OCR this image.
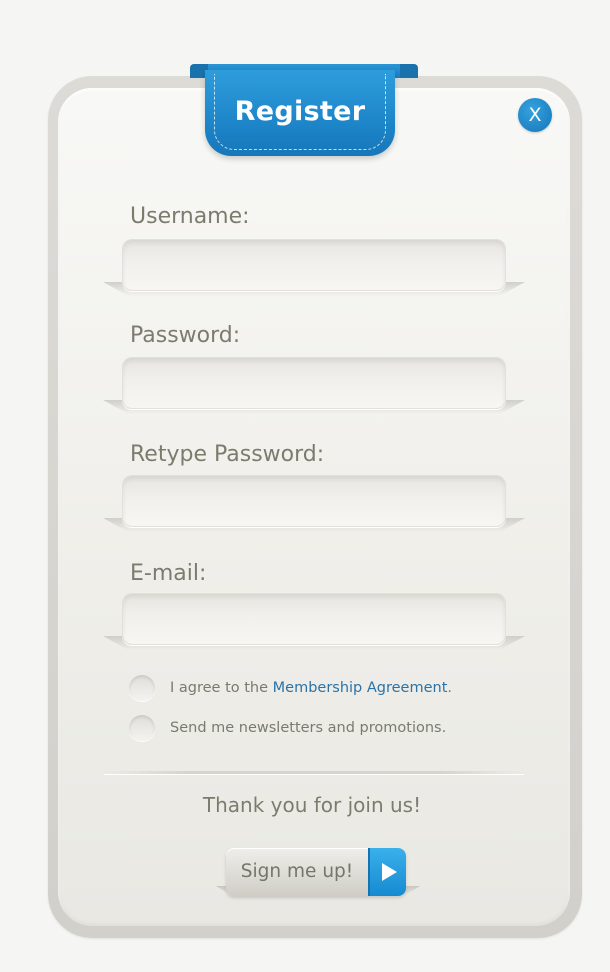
Register	X
Username:
Password:
Retype Password:
E-mail:
I agree to the Membership Agreement.
Send me newsletters and promotions.
Thank you for join us!
Sign me up!
